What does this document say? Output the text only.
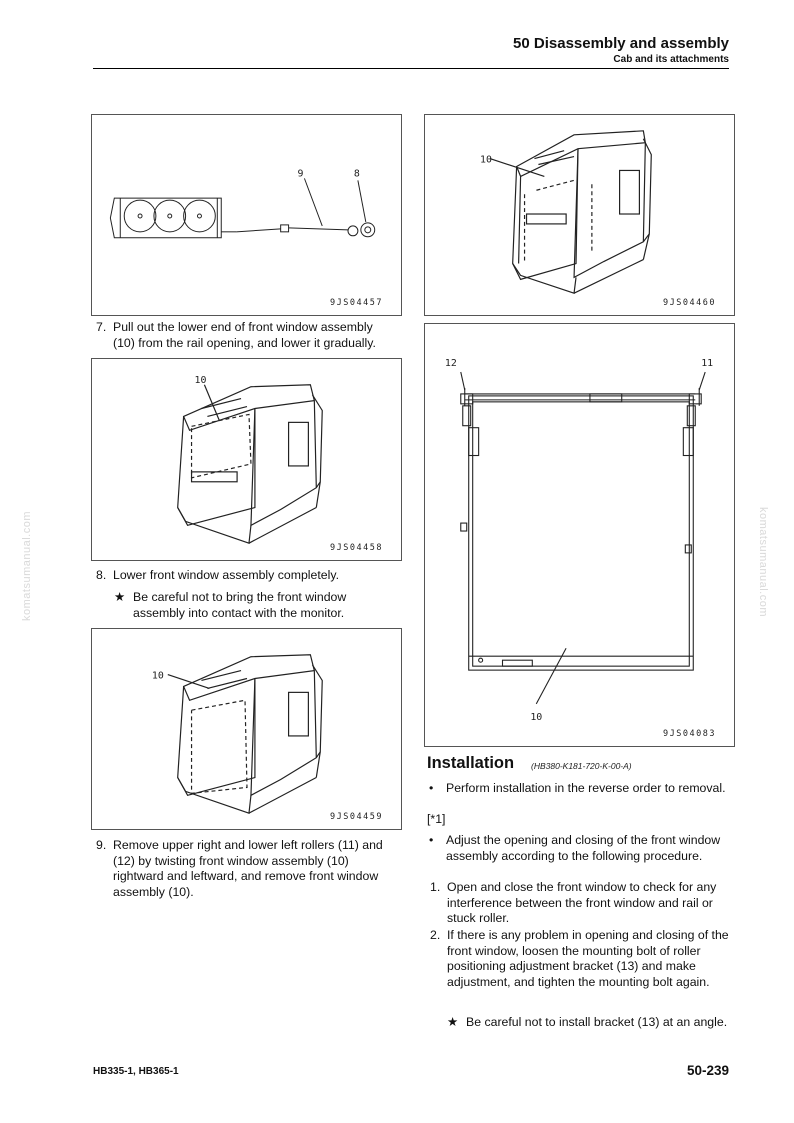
50 Disassembly and assembly
Cab and its attachments
komatsumanual.com	komatsumanual.com
9	8
9JS04457
10
9JS04460
7. Pull out the lower end of front window assembly (10) from the rail opening, and lower it gradually.
10
9JS04458
8. Lower front window assembly completely.
★ Be careful not to bring the front window assembly into contact with the monitor.
10
9JS04459
9. Remove upper right and lower left rollers (11) and (12) by twisting front window assembly (10) rightward and leftward, and remove front window assembly (10).
12	11
10
9JS04083
Installation (HB380-K181-720-K-00-A)
•	Perform installation in the reverse order to removal.
[*1]
•	Adjust the opening and closing of the front window assembly according to the following procedure.
1. Open and close the front window to check for any interference between the front window and rail or stuck roller.
2. If there is any problem in opening and closing of the front window, loosen the mounting bolt of roller positioning adjustment bracket (13) and make adjustment, and tighten the mounting bolt again.
★ Be careful not to install bracket (13) at an angle.
HB335-1, HB365-1	50-239
